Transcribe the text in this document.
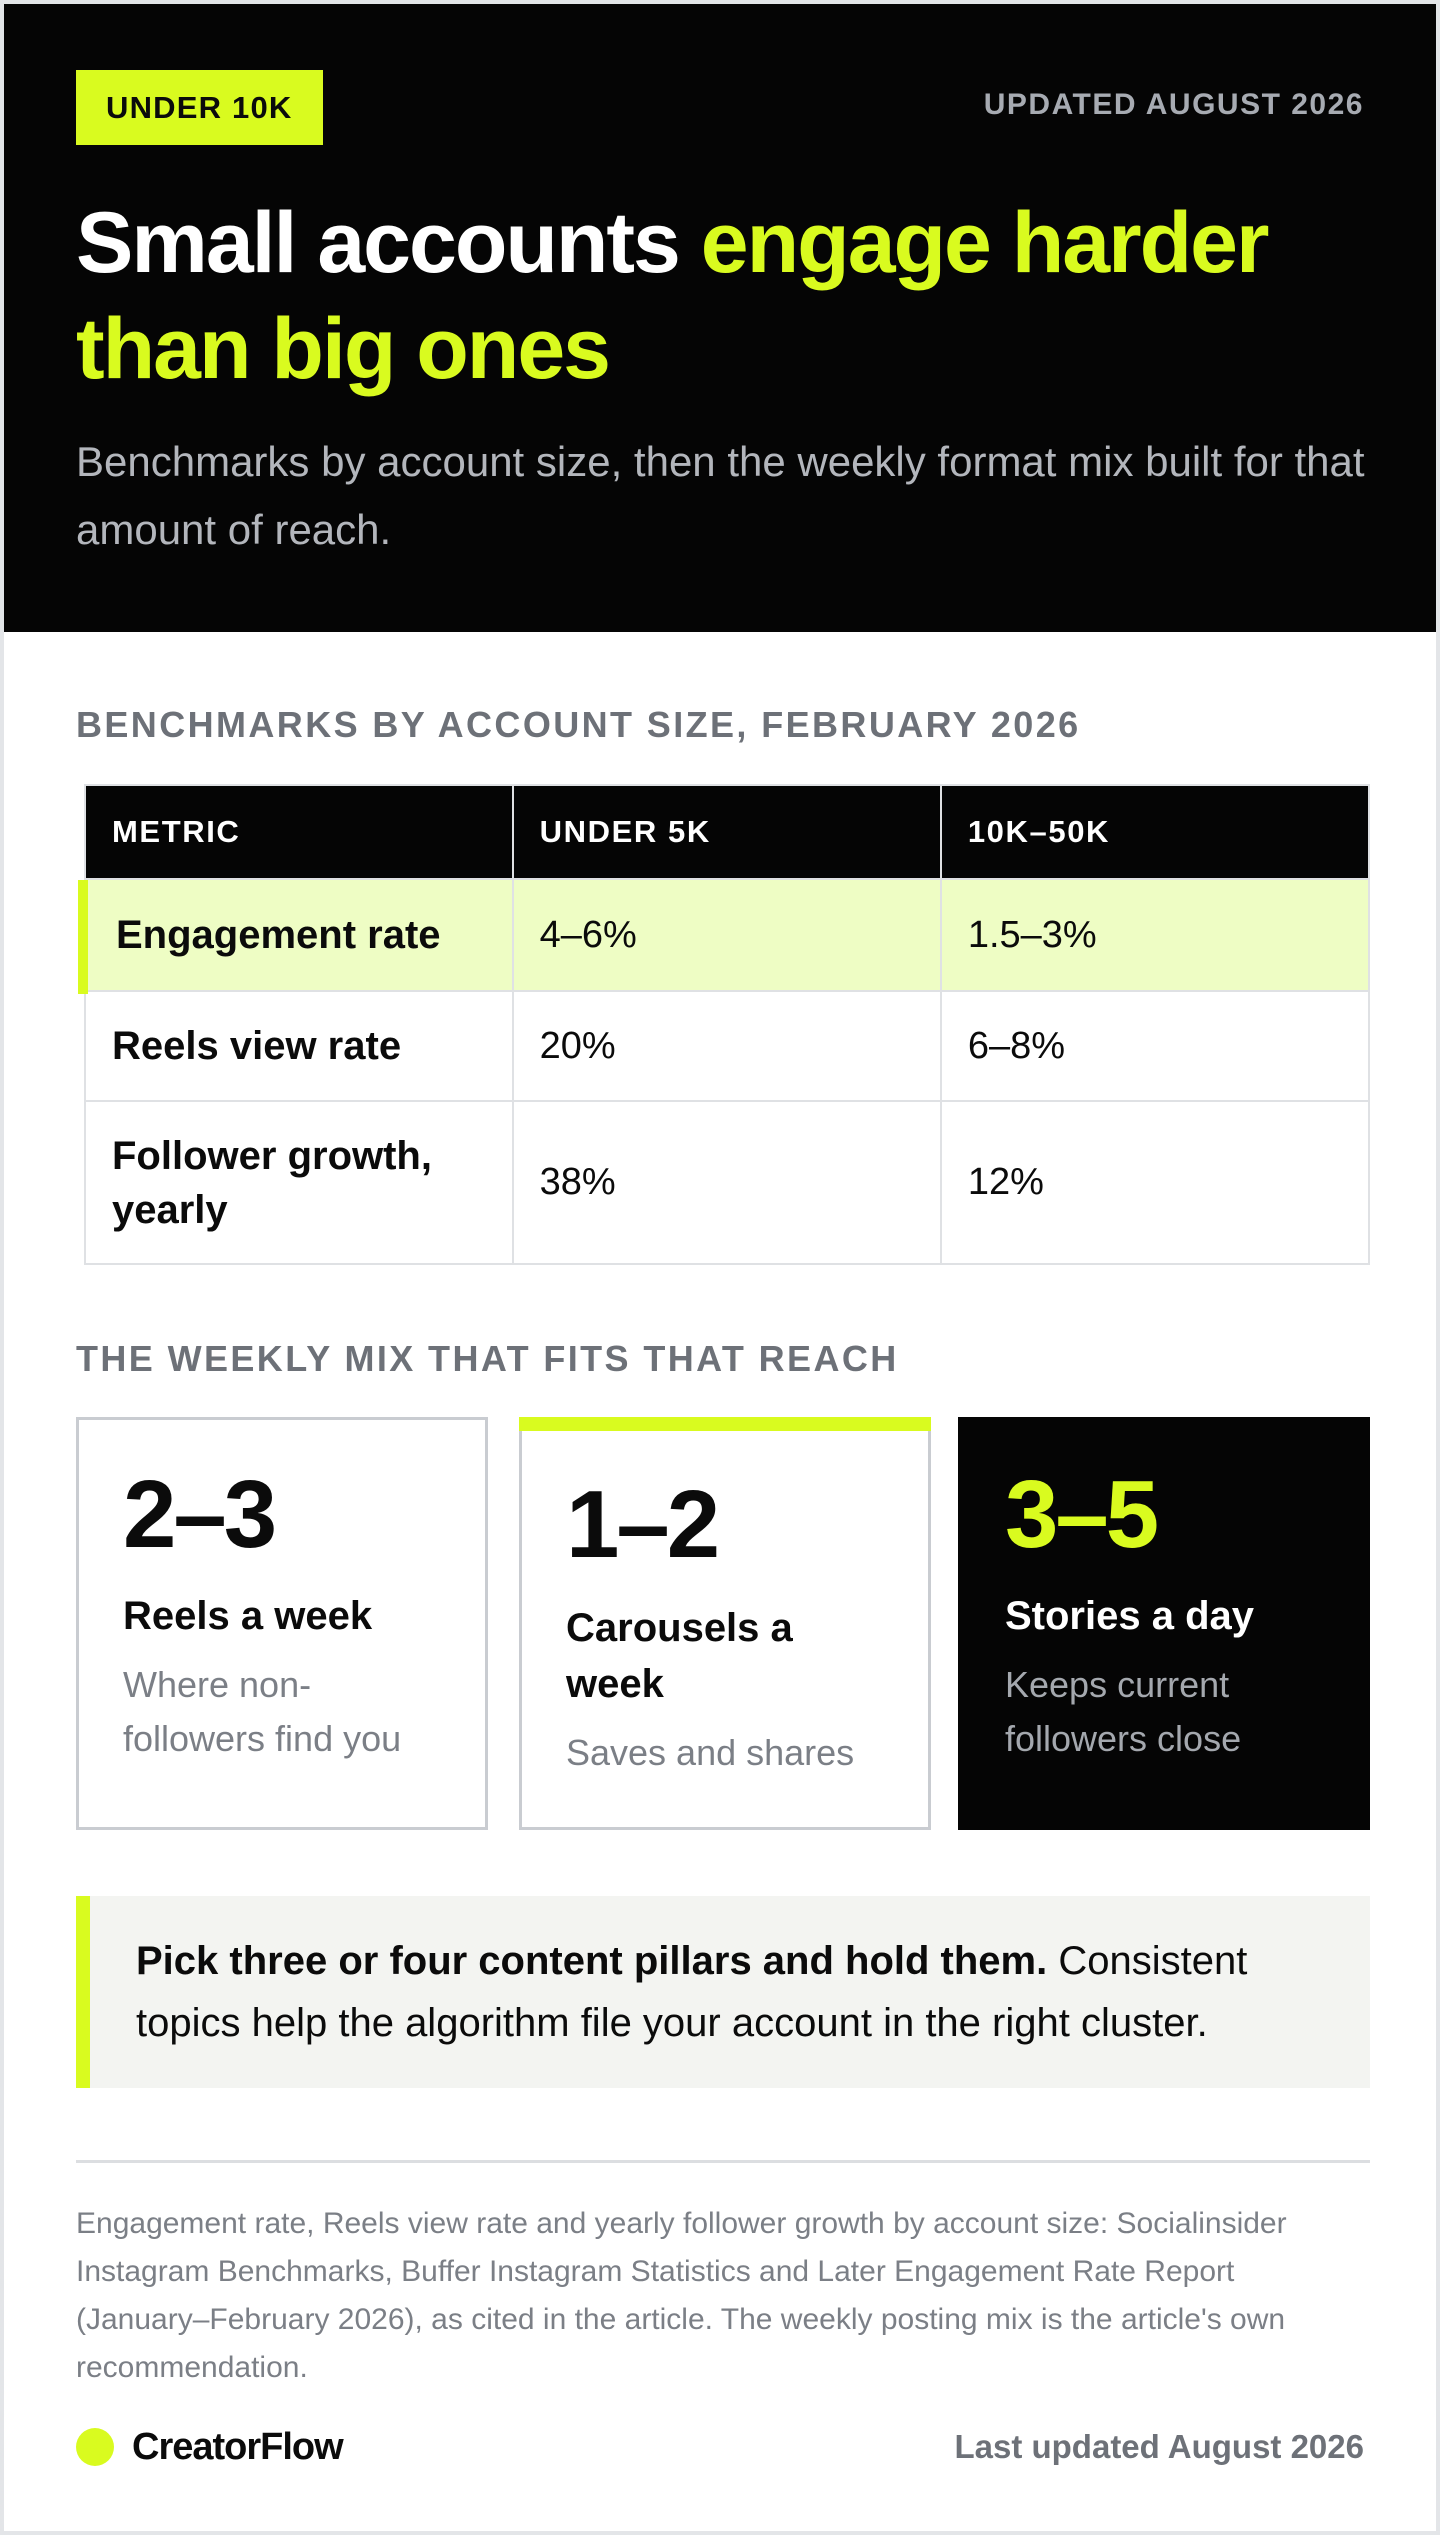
UNDER 10K	UPDATED AUGUST 2026
Small accounts engage harder than big ones

Benchmarks by account size, then the weekly format mix built for that amount of reach.

BENCHMARKS BY ACCOUNT SIZE, FEBRUARY 2026
METRIC	UNDER 5K	10K–50K
Engagement rate	4–6%	1.5–3%
Reels view rate	20%	6–8%
Follower growth, yearly	38%	12%
THE WEEKLY MIX THAT FITS THAT REACH
2–3
Reels a week
Where non-followers find you
1–2
Carousels a week
Saves and shares
3–5
Stories a day
Keeps current followers close

Pick three or four content pillars and hold them. Consistent topics help the algorithm file your account in the right cluster.

Engagement rate, Reels view rate and yearly follower growth by account size: Socialinsider Instagram Benchmarks, Buffer Instagram Statistics and Later Engagement Rate Report (January–February 2026), as cited in the article. The weekly posting mix is the article's own recommendation.

CreatorFlow	Last updated August 2026
